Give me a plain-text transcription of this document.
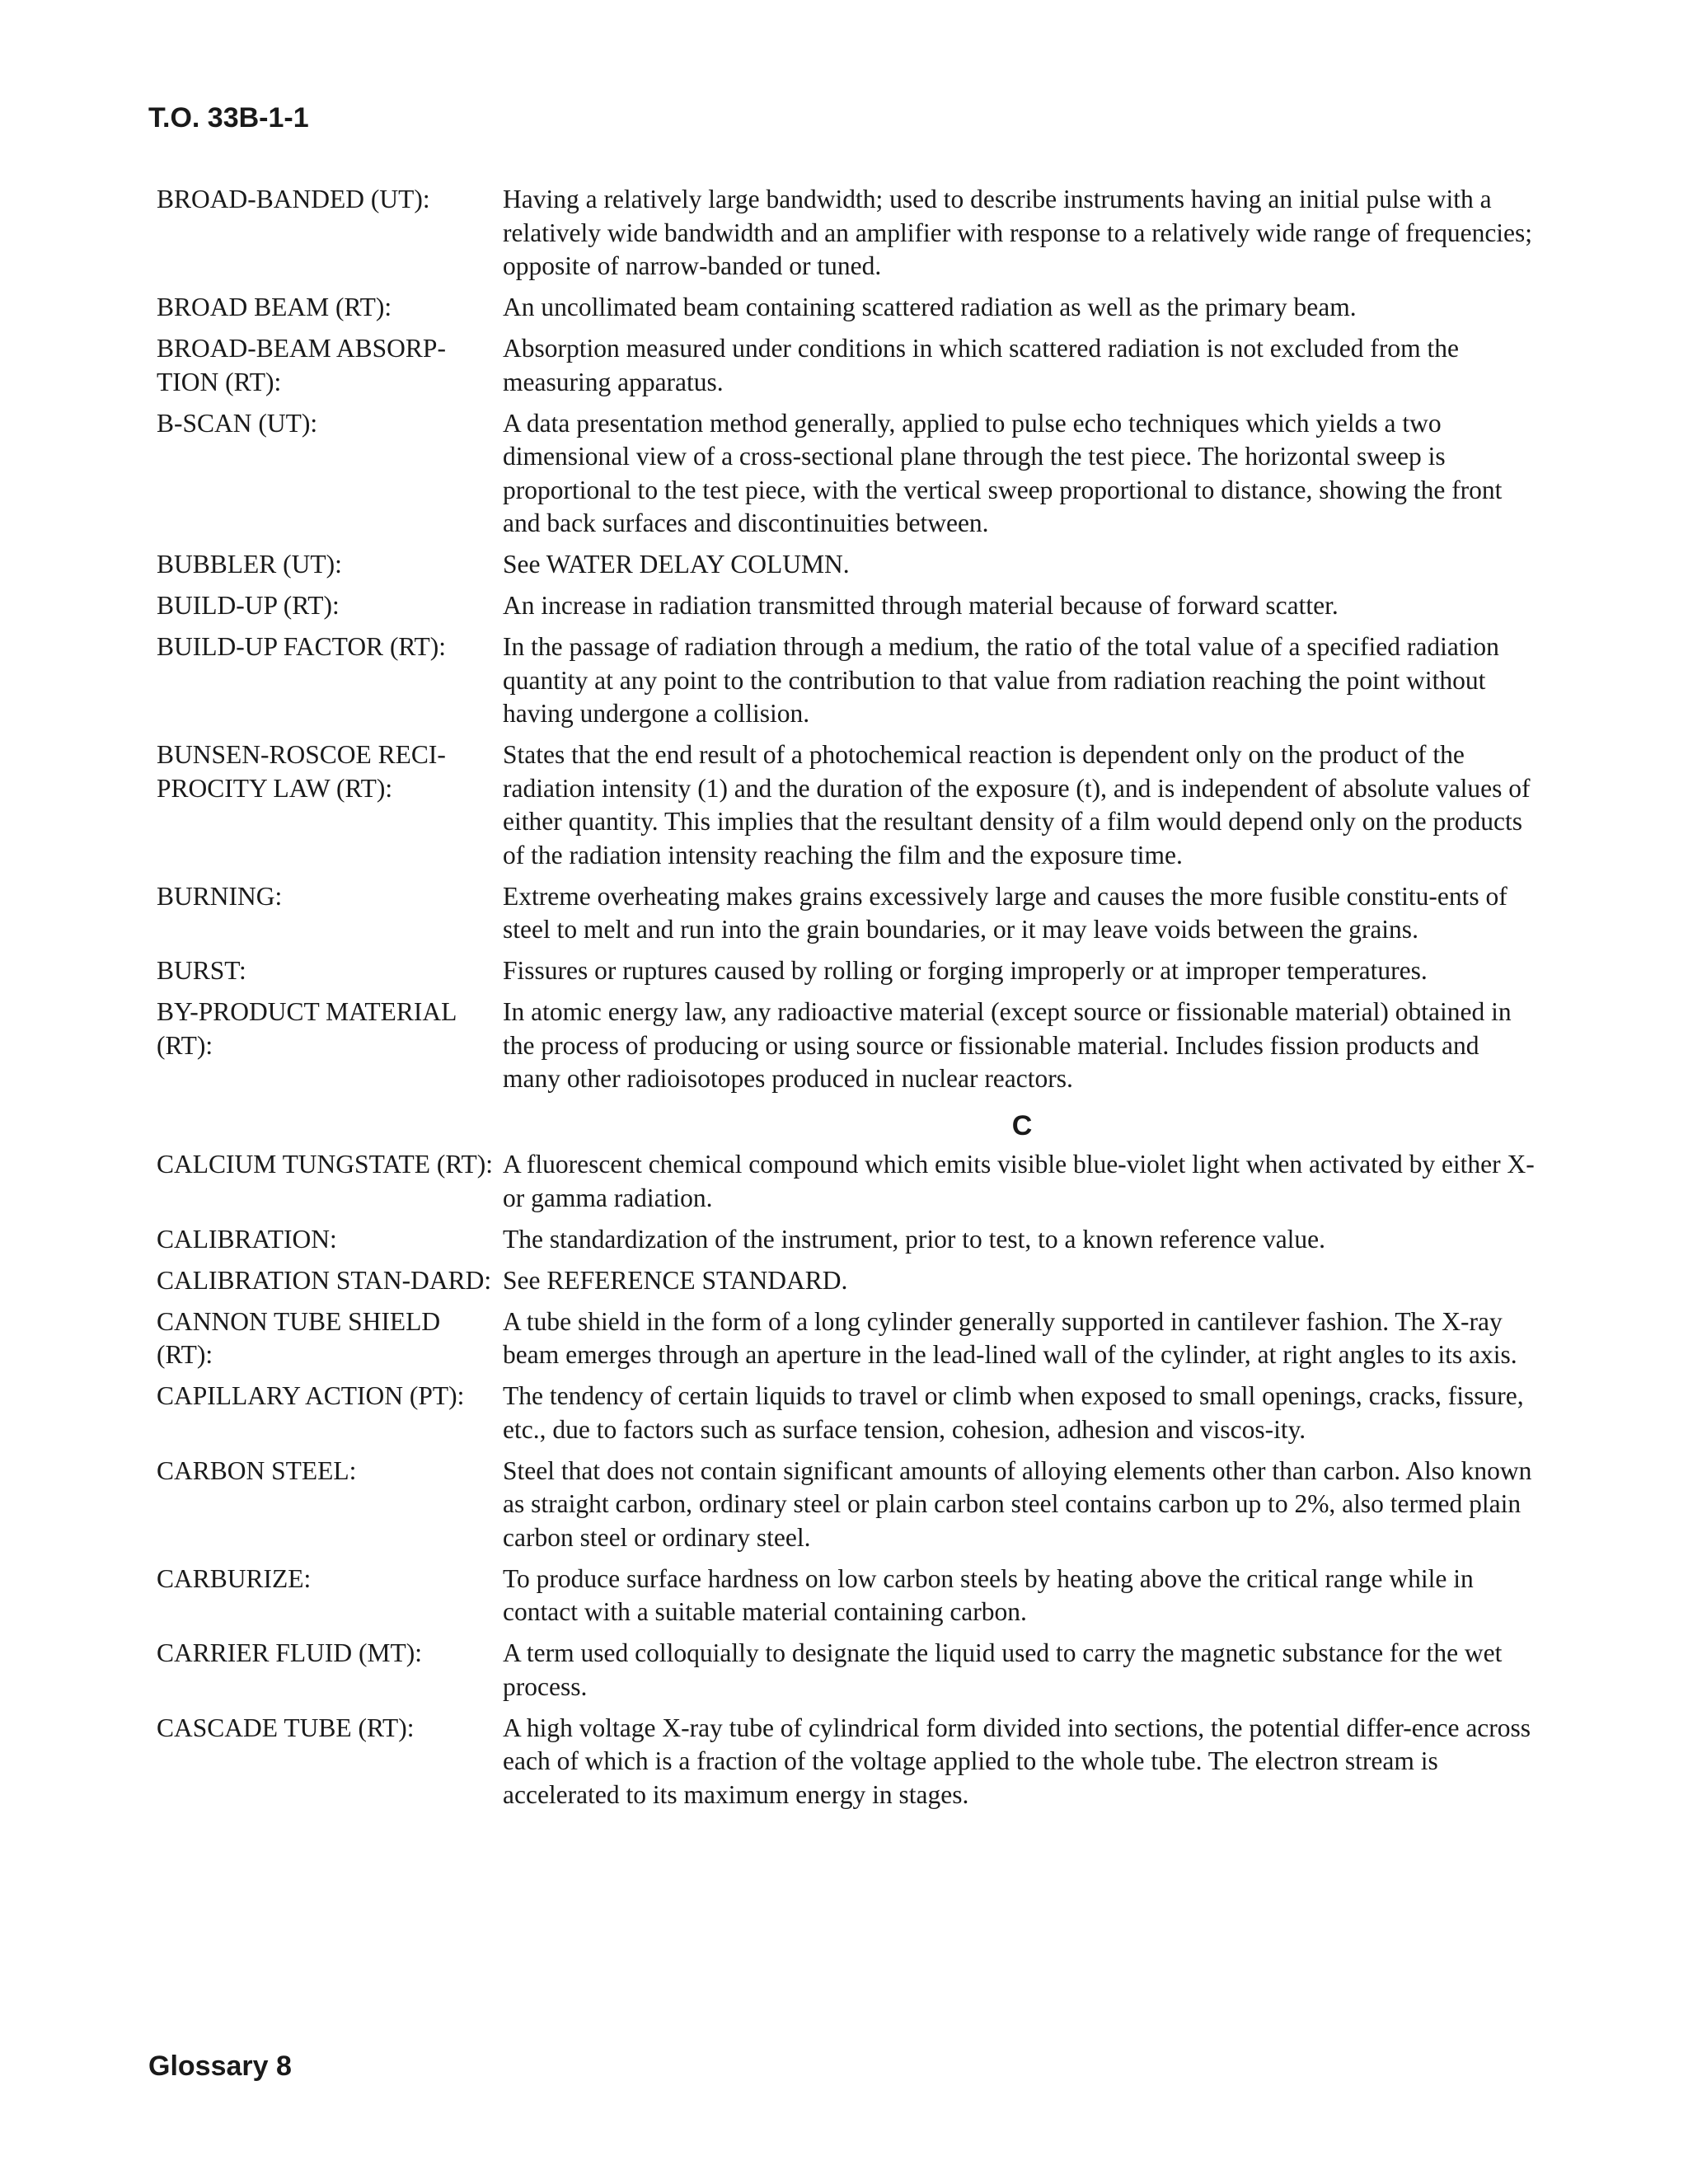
T.O. 33B-1-1
BROAD-BANDED (UT):	Having a relatively large bandwidth; used to describe instruments having an initial pulse with a relatively wide bandwidth and an amplifier with response to a relatively wide range of frequencies; opposite of narrow-banded or tuned.
BROAD BEAM (RT):	An uncollimated beam containing scattered radiation as well as the primary beam.
BROAD-BEAM ABSORP-TION (RT):
Absorption measured under conditions in which scattered radiation is not excluded from the measuring apparatus.
B-SCAN (UT):	A data presentation method generally, applied to pulse echo techniques which yields a two dimensional view of a cross-sectional plane through the test piece. The horizontal sweep is proportional to the test piece, with the vertical sweep proportional to distance, showing the front and back surfaces and discontinuities between.
BUBBLER (UT):	See WATER DELAY COLUMN.
BUILD-UP (RT):	An increase in radiation transmitted through material because of forward scatter.
BUILD-UP FACTOR (RT):	In the passage of radiation through a medium, the ratio of the total value of a specified radiation quantity at any point to the contribution to that value from radiation reaching the point without having undergone a collision.
BUNSEN-ROSCOE RECI-PROCITY LAW (RT):
States that the end result of a photochemical reaction is dependent only on the product of the radiation intensity (1) and the duration of the exposure (t), and is independent of absolute values of either quantity. This implies that the resultant density of a film would depend only on the products of the radiation intensity reaching the film and the exposure time.
BURNING:	Extreme overheating makes grains excessively large and causes the more fusible constitu-ents of steel to melt and run into the grain boundaries, or it may leave voids between the grains.
BURST:	Fissures or ruptures caused by rolling or forging improperly or at improper temperatures.
BY-PRODUCT MATERIAL (RT):
In atomic energy law, any radioactive material (except source or fissionable material) obtained in the process of producing or using source or fissionable material. Includes fission products and many other radioisotopes produced in nuclear reactors.
C
CALCIUM TUNGSTATE (RT): A fluorescent chemical compound which emits visible blue-violet light when activated by either X- or gamma radiation.
CALIBRATION:	The standardization of the instrument, prior to test, to a known reference value.
CALIBRATION STAN-DARD: See REFERENCE STANDARD.
CANNON TUBE SHIELD (RT):
A tube shield in the form of a long cylinder generally supported in cantilever fashion. The X-ray beam emerges through an aperture in the lead-lined wall of the cylinder, at right angles to its axis.
CAPILLARY ACTION (PT):	The tendency of certain liquids to travel or climb when exposed to small openings, cracks, fissure, etc., due to factors such as surface tension, cohesion, adhesion and viscos-ity.
CARBON STEEL:	Steel that does not contain significant amounts of alloying elements other than carbon. Also known as straight carbon, ordinary steel or plain carbon steel contains carbon up to 2%, also termed plain carbon steel or ordinary steel.
CARBURIZE:	To produce surface hardness on low carbon steels by heating above the critical range while in contact with a suitable material containing carbon.
CARRIER FLUID (MT):	A term used colloquially to designate the liquid used to carry the magnetic substance for the wet process.
CASCADE TUBE (RT):	A high voltage X-ray tube of cylindrical form divided into sections, the potential differ-ence across each of which is a fraction of the voltage applied to the whole tube. The electron stream is accelerated to its maximum energy in stages.
Glossary 8
